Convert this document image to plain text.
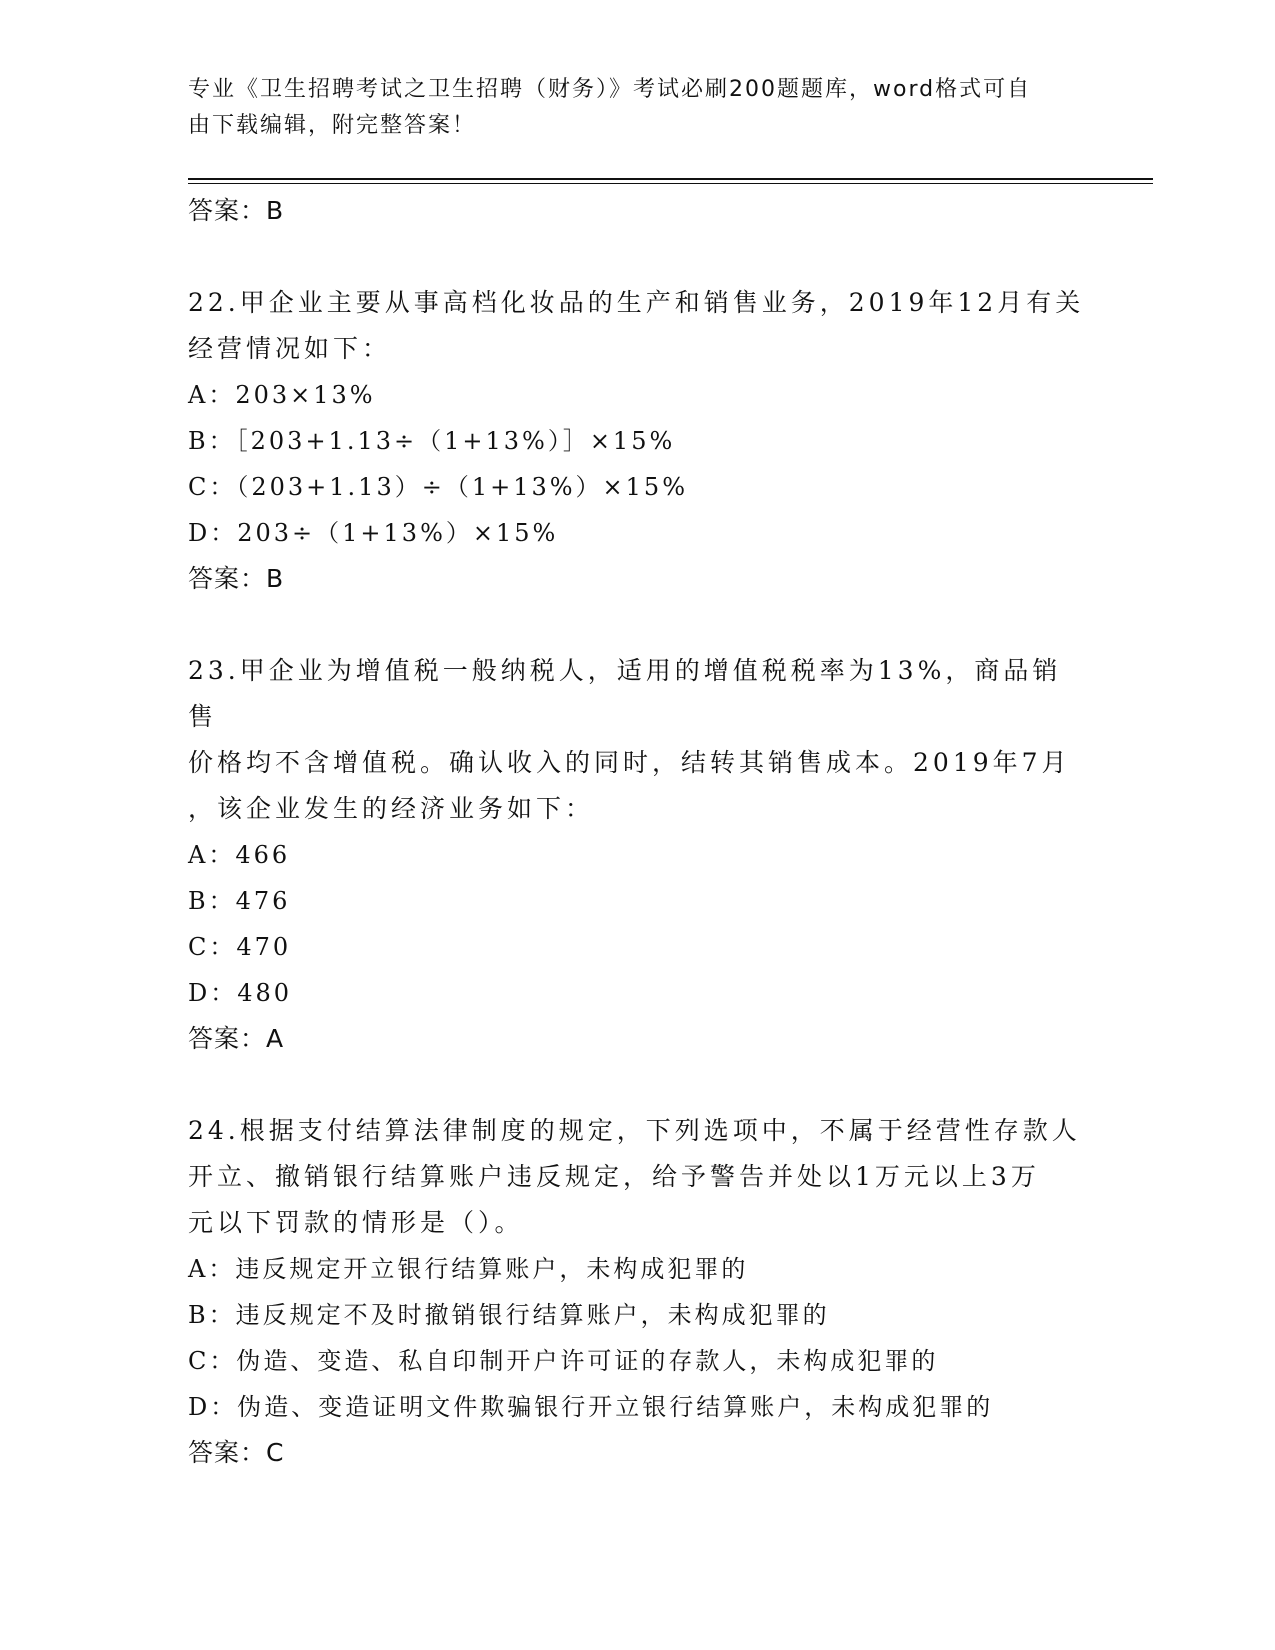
专业《卫生招聘考试之卫生招聘（财务）》考试必刷200题题库，word格式可自
由下载编辑，附完整答案！
答案：B
22.甲企业主要从事高档化妆品的生产和销售业务，2019年12月有关
经营情况如下：
A：203×13%
B：［203+1.13÷（1+13%）］×15%
C：（203+1.13）÷（1+13%）×15%
D：203÷（1+13%）×15%
答案：B
23.甲企业为增值税一般纳税人，适用的增值税税率为13%，商品销售
价格均不含增值税。确认收入的同时，结转其销售成本。2019年7月
，该企业发生的经济业务如下：
A：466
B：476
C：470
D：480
答案：A
24.根据支付结算法律制度的规定，下列选项中，不属于经营性存款人
开立、撤销银行结算账户违反规定，给予警告并处以1万元以上3万
元以下罚款的情形是（）。
A：违反规定开立银行结算账户，未构成犯罪的
B：违反规定不及时撤销银行结算账户，未构成犯罪的
C：伪造、变造、私自印制开户许可证的存款人，未构成犯罪的
D：伪造、变造证明文件欺骗银行开立银行结算账户，未构成犯罪的
答案：C
